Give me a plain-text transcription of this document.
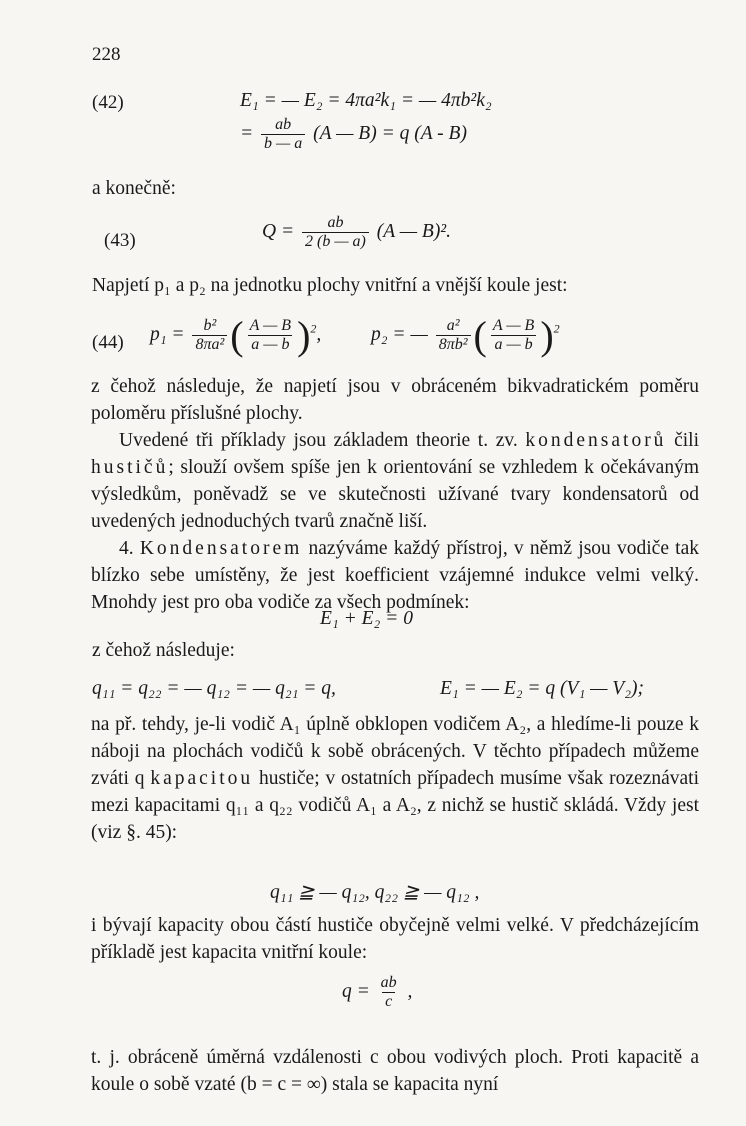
228
(42)	E₁ = — E₂ = 4πa²k₁ = — 4πb²k₂
= $\frac{ab}{b — a} (A$ — B) = q (A - B)
a konečně:
(43)	$Q = \frac{ab}{2 (b — a)} (A$ — B)².
Napjetí p₁ a p₂ na jednotku plochy vnitřní a vnější koule jest:
(44) $p_1 = \frac{\text{b²}}{\text{8πa²}}$ ( $\frac{A — B}{a — b} )^2$,	p₂ = — $\frac{\text{a²}}{\text{8πb²}}$ ( $\frac{A — B}{a — b} )^2$

z čehož následuje, že napjetí jsou v obráceném bikvadratickém poměru poloměru příslušné plochy.

Uvedené tři příklady jsou základem theorie t. zv. kondensatorů čili hustičů; slouží ovšem spíše jen k orientování se vzhledem k očekávaným výsledkům, poněvadž se ve skutečnosti užívané tvary kondensatorů od uvedených jednoduchých tvarů značně liší.

4. Kondensatorem nazýváme každý přístroj, v němž jsou vodiče tak blízko sebe umístěny, že jest koefficient vzájemné indukce velmi velký. Mnohdy jest pro oba vodiče za všech podmínek:

E₁ + E₂ = 0
z čehož následuje:
q₁₁ = q₂₂ = — q₁₂ = — q₂₁ = q,	E₁ = — E₂ = q (V₁ — V₂);

na př. tehdy, je-li vodič A₁ úplně obklopen vodičem A₂, a hledíme-li pouze k náboji na plochách vodičů k sobě obrácených. V těchto případech můžeme zváti q kapacitou hustiče; v ostatních případech musíme však rozeznávati mezi kapacitami q₁₁ a q₂₂ vodičů A₁ a A₂, z nichž se hustič skládá. Vždy jest (viz §. 45):

q₁₁ ≧ — q₁₂, q₂₂ ≧ — q₁₂ ,

i bývají kapacity obou částí hustiče obyčejně velmi velké. V předcházejícím příkladě jest kapacita vnitřní koule:

$q = \frac{ab}{c}$ ,

t. j. obráceně úměrná vzdálenosti c obou vodivých ploch. Proti kapacitě a koule o sobě vzaté (b = c = ∞) stala se kapacita nyní
